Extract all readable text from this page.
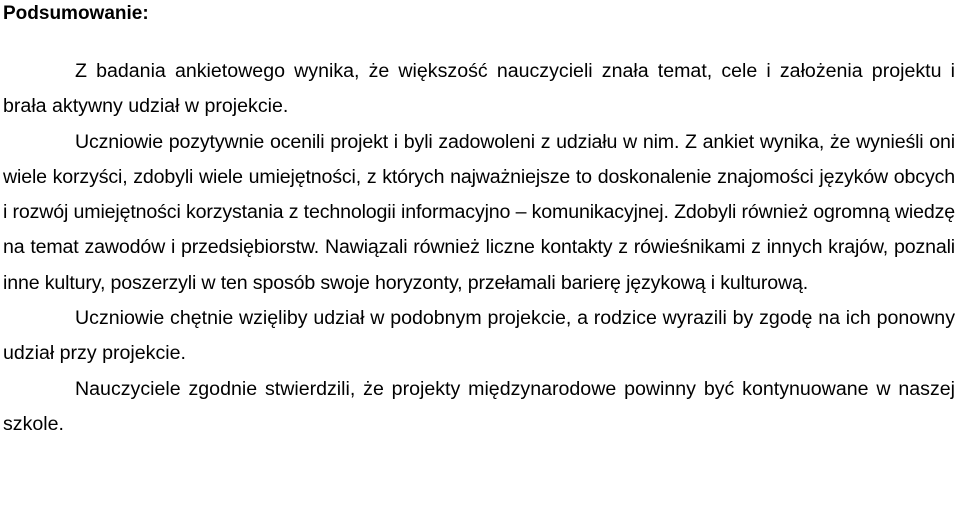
Podsumowanie:

Z badania ankietowego wynika, że większość nauczycieli znała temat, cele i założenia projektu i brała aktywny udział w projekcie.

Uczniowie pozytywnie ocenili projekt i byli zadowoleni z udziału w nim. Z ankiet wynika, że wynieśli oni wiele korzyści, zdobyli wiele umiejętności, z których najważniejsze to doskonalenie znajomości języków obcych i rozwój umiejętności korzystania z technologii informacyjno – komunikacyjnej. Zdobyli również ogromną wiedzę na temat zawodów i przedsiębiorstw. Nawiązali również liczne kontakty z rówieśnikami z innych krajów, poznali inne kultury, poszerzyli w ten sposób swoje horyzonty, przełamali barierę językową i kulturową.

Uczniowie chętnie wzięliby udział w podobnym projekcie, a rodzice wyrazili by zgodę na ich ponowny udział przy projekcie.

Nauczyciele zgodnie stwierdzili, że projekty międzynarodowe powinny być kontynuowane w naszej szkole.
